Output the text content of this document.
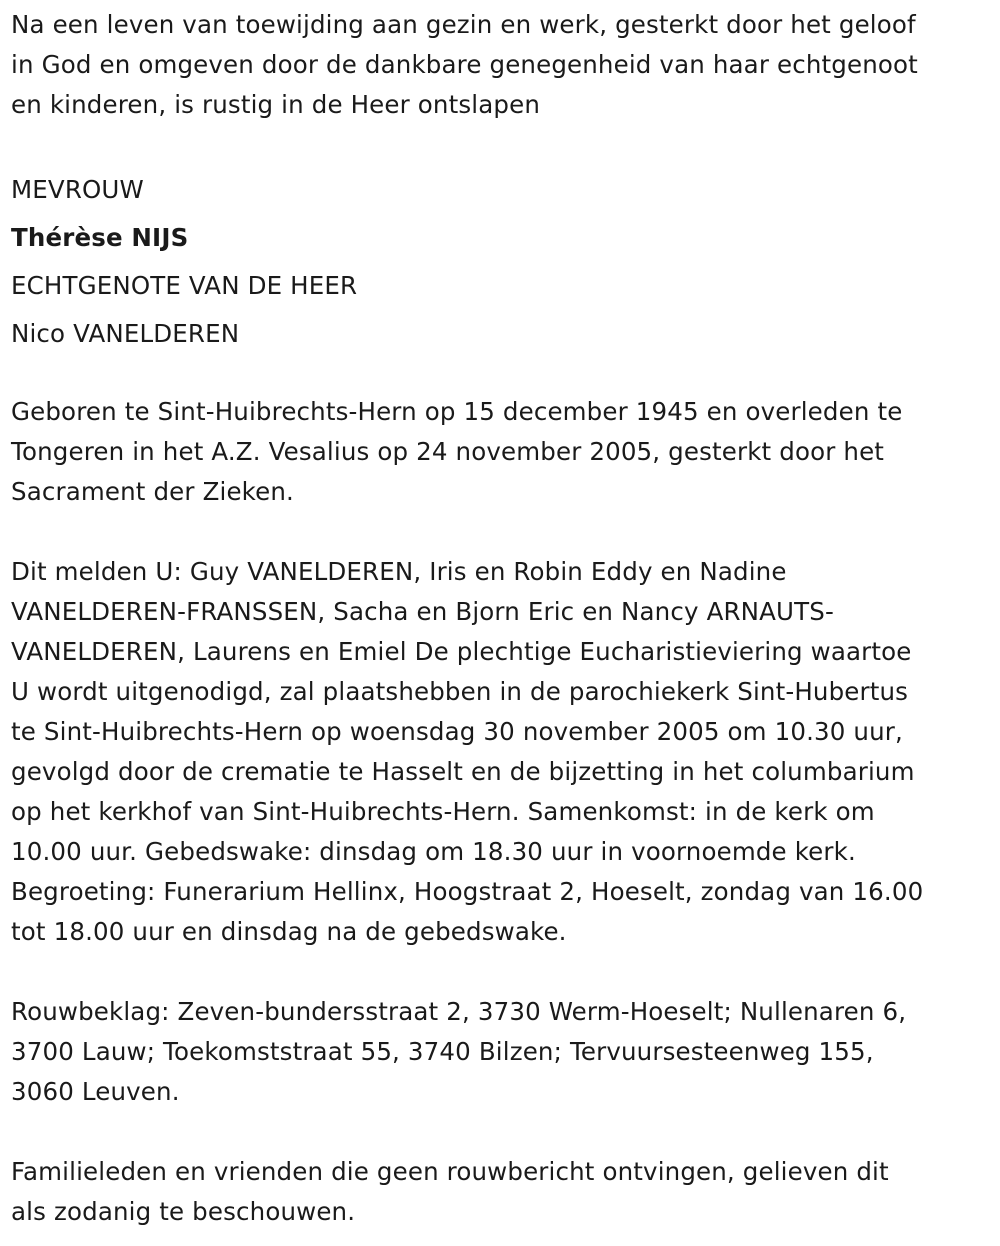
Na een leven van toewijding aan gezin en werk, gesterkt door het geloof
in God en omgeven door de dankbare genegenheid van haar echtgenoot
en kinderen, is rustig in de Heer ontslapen
MEVROUW
Thérèse NIJS
ECHTGENOTE VAN DE HEER
Nico VANELDEREN
Geboren te Sint-Huibrechts-Hern op 15 december 1945 en overleden te
Tongeren in het A.Z. Vesalius op 24 november 2005, gesterkt door het
Sacrament der Zieken.
Dit melden U: Guy VANELDEREN, Iris en Robin Eddy en Nadine
VANELDEREN-FRANSSEN, Sacha en Bjorn Eric en Nancy ARNAUTS-
VANELDEREN, Laurens en Emiel De plechtige Eucharistieviering waartoe
U wordt uitgenodigd, zal plaatshebben in de parochiekerk Sint-Hubertus
te Sint-Huibrechts-Hern op woensdag 30 november 2005 om 10.30 uur,
gevolgd door de crematie te Hasselt en de bijzetting in het columbarium
op het kerkhof van Sint-Huibrechts-Hern. Samenkomst: in de kerk om
10.00 uur. Gebedswake: dinsdag om 18.30 uur in voornoemde kerk.
Begroeting: Funerarium Hellinx, Hoogstraat 2, Hoeselt, zondag van 16.00
tot 18.00 uur en dinsdag na de gebedswake.
Rouwbeklag: Zeven-bundersstraat 2, 3730 Werm-Hoeselt; Nullenaren 6,
3700 Lauw; Toekomststraat 55, 3740 Bilzen; Tervuursesteenweg 155,
3060 Leuven.
Familieleden en vrienden die geen rouwbericht ontvingen, gelieven dit
als zodanig te beschouwen.
